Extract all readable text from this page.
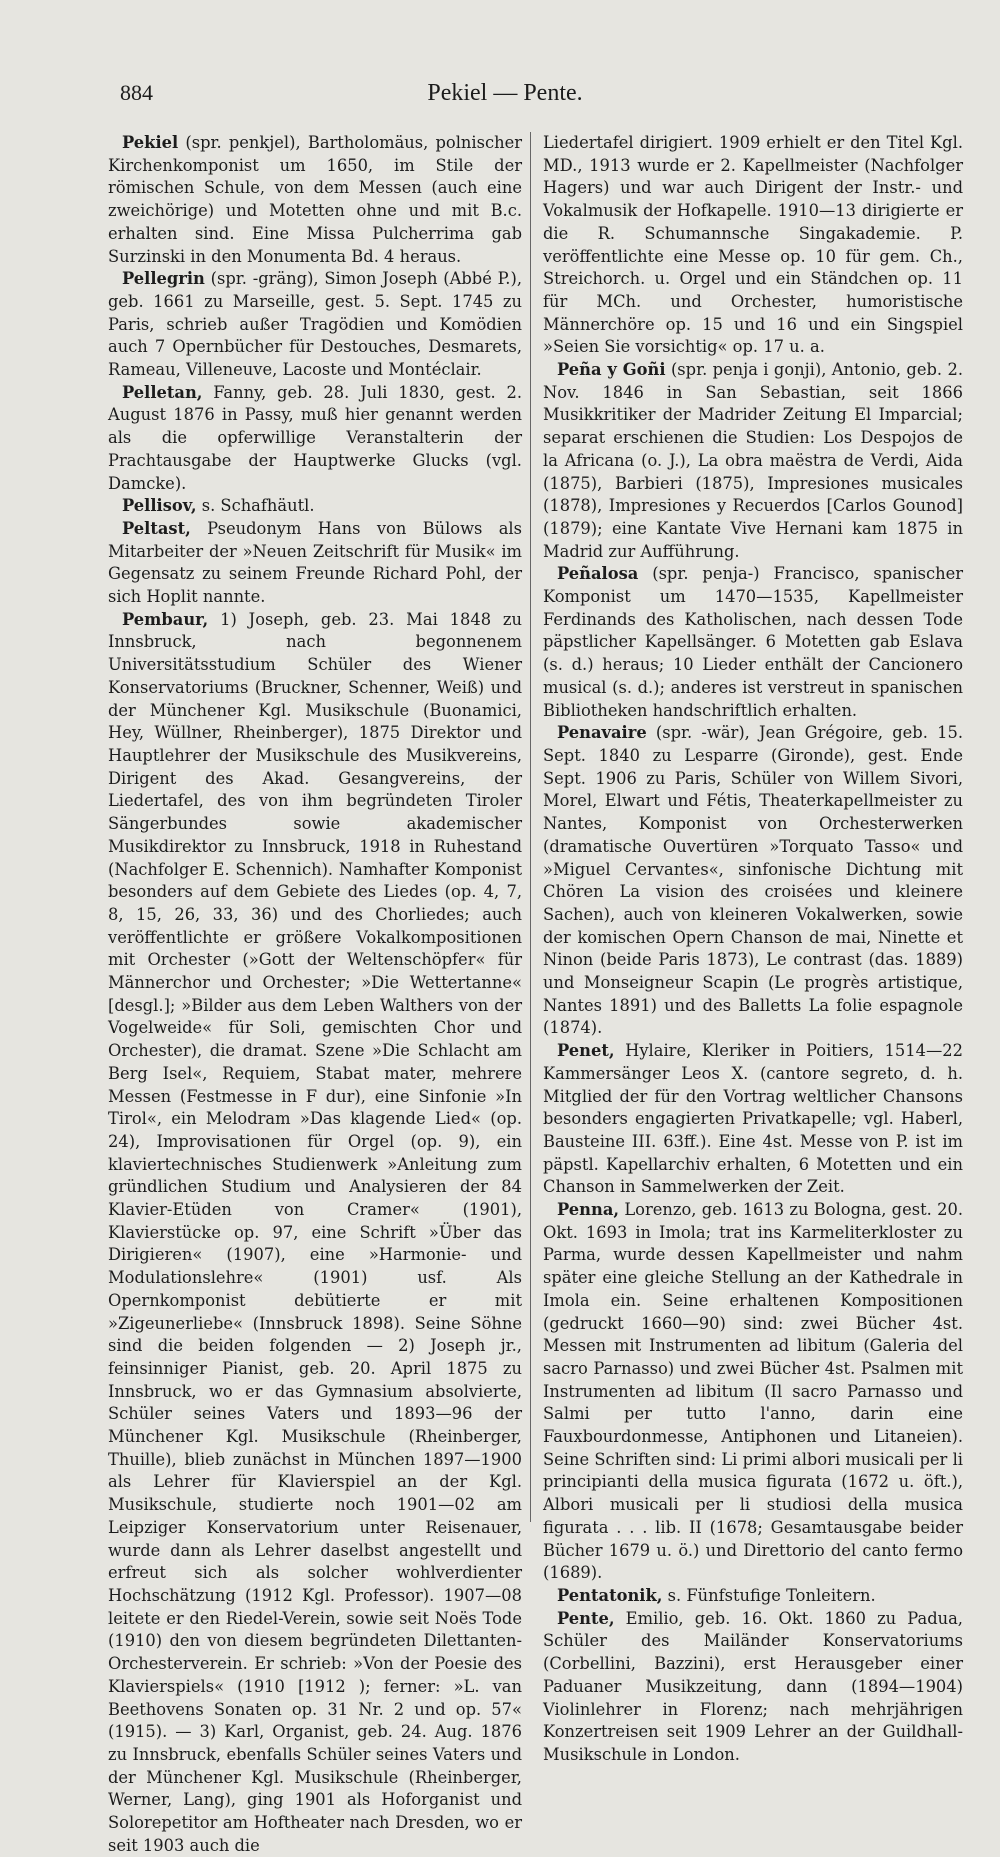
884	Pekiel — Pente.

Pekiel (spr. penkjel), Bartholomäus, polnischer Kirchenkomponist um 1650, im Stile der römischen Schule, von dem Messen (auch eine zweichörige) und Motetten ohne und mit B.c. erhalten sind. Eine Missa Pulcherrima gab Surzinski in den Monumenta Bd. 4 heraus.

Pellegrin (spr. -gräng), Simon Joseph (Abbé P.), geb. 1661 zu Marseille, gest. 5. Sept. 1745 zu Paris, schrieb außer Tragödien und Komödien auch 7 Opernbücher für Destouches, Desmarets, Rameau, Villeneuve, Lacoste und Montéclair.

Pelletan, Fanny, geb. 28. Juli 1830, gest. 2. August 1876 in Passy, muß hier genannt werden als die opferwillige Veranstalterin der Prachtausgabe der Hauptwerke Glucks (vgl. Damcke).

Pellisov, s. Schafhäutl.

Peltast, Pseudonym Hans von Bülows als Mitarbeiter der »Neuen Zeitschrift für Musik« im Gegensatz zu seinem Freunde Richard Pohl, der sich Hoplit nannte.

Pembaur, 1) Joseph, geb. 23. Mai 1848 zu Innsbruck, nach begonnenem Universitätsstudium Schüler des Wiener Konservatoriums (Bruckner, Schenner, Weiß) und der Münchener Kgl. Musikschule (Buonamici, Hey, Wüllner, Rheinberger), 1875 Direktor und Hauptlehrer der Musikschule des Musikvereins, Dirigent des Akad. Gesangvereins, der Liedertafel, des von ihm begründeten Tiroler Sängerbundes sowie akademischer Musikdirektor zu Innsbruck, 1918 in Ruhestand (Nachfolger E. Schennich). Namhafter Komponist besonders auf dem Gebiete des Liedes (op. 4, 7, 8, 15, 26, 33, 36) und des Chorliedes; auch veröffentlichte er größere Vokalkompositionen mit Orchester (»Gott der Weltenschöpfer« für Männerchor und Orchester; »Die Wettertanne« [desgl.]; »Bilder aus dem Leben Walthers von der Vogelweide« für Soli, gemischten Chor und Orchester), die dramat. Szene »Die Schlacht am Berg Isel«, Requiem, Stabat mater, mehrere Messen (Festmesse in F dur), eine Sinfonie »In Tirol«, ein Melodram »Das klagende Lied« (op. 24), Improvisationen für Orgel (op. 9), ein klaviertechnisches Studienwerk »Anleitung zum gründlichen Studium und Analysieren der 84 Klavier-Etüden von Cramer« (1901), Klavierstücke op. 97, eine Schrift »Über das Dirigieren« (1907), eine »Harmonie- und Modulationslehre« (1901) usf. Als Opernkomponist debütierte er mit »Zigeunerliebe« (Innsbruck 1898). Seine Söhne sind die beiden folgenden — 2) Joseph jr., feinsinniger Pianist, geb. 20. April 1875 zu Innsbruck, wo er das Gymnasium absolvierte, Schüler seines Vaters und 1893—96 der Münchener Kgl. Musikschule (Rheinberger, Thuille), blieb zunächst in München 1897—1900 als Lehrer für Klavierspiel an der Kgl. Musikschule, studierte noch 1901—02 am Leipziger Konservatorium unter Reisenauer, wurde dann als Lehrer daselbst angestellt und erfreut sich als solcher wohlverdienter Hochschätzung (1912 Kgl. Professor). 1907—08 leitete er den Riedel-Verein, sowie seit Noës Tode (1910) den von diesem begründeten Dilettanten-Orchesterverein. Er schrieb: »Von der Poesie des Klavierspiels« (1910 [1912 ); ferner: »L. van Beethovens Sonaten op. 31 Nr. 2 und op. 57« (1915). — 3) Karl, Organist, geb. 24. Aug. 1876 zu Innsbruck, ebenfalls Schüler seines Vaters und der Münchener Kgl. Musikschule (Rheinberger, Werner, Lang), ging 1901 als Hoforganist und Solorepetitor am Hoftheater nach Dresden, wo er seit 1903 auch die

Liedertafel dirigiert. 1909 erhielt er den Titel Kgl. MD., 1913 wurde er 2. Kapellmeister (Nachfolger Hagers) und war auch Dirigent der Instr.- und Vokalmusik der Hofkapelle. 1910—13 dirigierte er die R. Schumannsche Singakademie. P. veröffentlichte eine Messe op. 10 für gem. Ch., Streichorch. u. Orgel und ein Ständchen op. 11 für MCh. und Orchester, humoristische Männerchöre op. 15 und 16 und ein Singspiel »Seien Sie vorsichtig« op. 17 u. a.

Peña y Goñi (spr. penja i gonji), Antonio, geb. 2. Nov. 1846 in San Sebastian, seit 1866 Musikkritiker der Madrider Zeitung El Imparcial; separat erschienen die Studien: Los Despojos de la Africana (o. J.), La obra maëstra de Verdi, Aida (1875), Barbieri (1875), Impresiones musicales (1878), Impresiones y Recuerdos [Carlos Gounod] (1879); eine Kantate Vive Hernani kam 1875 in Madrid zur Aufführung.

Peñalosa (spr. penja-) Francisco, spanischer Komponist um 1470—1535, Kapellmeister Ferdinands des Katholischen, nach dessen Tode päpstlicher Kapellsänger. 6 Motetten gab Eslava (s. d.) heraus; 10 Lieder enthält der Cancionero musical (s. d.); anderes ist verstreut in spanischen Bibliotheken handschriftlich erhalten.

Penavaire (spr. -wär), Jean Grégoire, geb. 15. Sept. 1840 zu Lesparre (Gironde), gest. Ende Sept. 1906 zu Paris, Schüler von Willem Sivori, Morel, Elwart und Fétis, Theaterkapellmeister zu Nantes, Komponist von Orchesterwerken (dramatische Ouvertüren »Torquato Tasso« und »Miguel Cervantes«, sinfonische Dichtung mit Chören La vision des croisées und kleinere Sachen), auch von kleineren Vokalwerken, sowie der komischen Opern Chanson de mai, Ninette et Ninon (beide Paris 1873), Le contrast (das. 1889) und Monseigneur Scapin (Le progrès artistique, Nantes 1891) und des Balletts La folie espagnole (1874).

Penet, Hylaire, Kleriker in Poitiers, 1514—22 Kammersänger Leos X. (cantore segreto, d. h. Mitglied der für den Vortrag weltlicher Chansons besonders engagierten Privatkapelle; vgl. Haberl, Bausteine III. 63ff.). Eine 4st. Messe von P. ist im päpstl. Kapellarchiv erhalten, 6 Motetten und ein Chanson in Sammelwerken der Zeit.

Penna, Lorenzo, geb. 1613 zu Bologna, gest. 20. Okt. 1693 in Imola; trat ins Karmeliterkloster zu Parma, wurde dessen Kapellmeister und nahm später eine gleiche Stellung an der Kathedrale in Imola ein. Seine erhaltenen Kompositionen (gedruckt 1660—90) sind: zwei Bücher 4st. Messen mit Instrumenten ad libitum (Galeria del sacro Parnasso) und zwei Bücher 4st. Psalmen mit Instrumenten ad libitum (Il sacro Parnasso und Salmi per tutto l'anno, darin eine Fauxbourdonmesse, Antiphonen und Litaneien). Seine Schriften sind: Li primi albori musicali per li principianti della musica figurata (1672 u. öft.), Albori musicali per li studiosi della musica figurata . . . lib. II (1678; Gesamtausgabe beider Bücher 1679 u. ö.) und Direttorio del canto fermo (1689).

Pentatonik, s. Fünfstufige Tonleitern.

Pente, Emilio, geb. 16. Okt. 1860 zu Padua, Schüler des Mailänder Konservatoriums (Corbellini, Bazzini), erst Herausgeber einer Paduaner Musikzeitung, dann (1894—1904) Violinlehrer in Florenz; nach mehrjährigen Konzertreisen seit 1909 Lehrer an der Guildhall-Musikschule in London.
